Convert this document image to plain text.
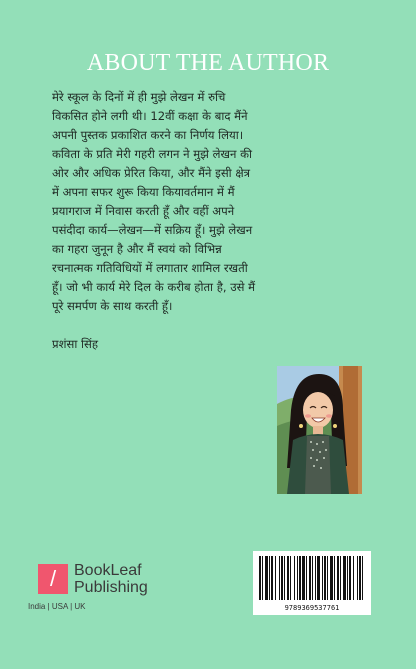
ABOUT THE AUTHOR

मेरे स्कूल के दिनों में ही मुझे लेखन में रुचि विकसित होने लगी थी। 12वीं कक्षा के बाद मैंने अपनी पुस्तक प्रकाशित करने का निर्णय लिया। कविता के प्रति मेरी गहरी लगन ने मुझे लेखन की ओर और अधिक प्रेरित किया, और मैंने इसी क्षेत्र में अपना सफर शुरू किया कियावर्तमान में मैं प्रयागराज में निवास करती हूँ और वहीं अपने पसंदीदा कार्य—लेखन—में सक्रिय हूँ। मुझे लेखन का गहरा जुनून है और मैं स्वयं को विभिन्न रचनात्मक गतिविधियों में लगातार शामिल रखती हूँ। जो भी कार्य मेरे दिल के करीब होता है, उसे मैं पूरे समर्पण के साथ करती हूँ।

प्रशंसा सिंह

/	BookLeaf
Publishing
India | USA | UK	9789369537761
